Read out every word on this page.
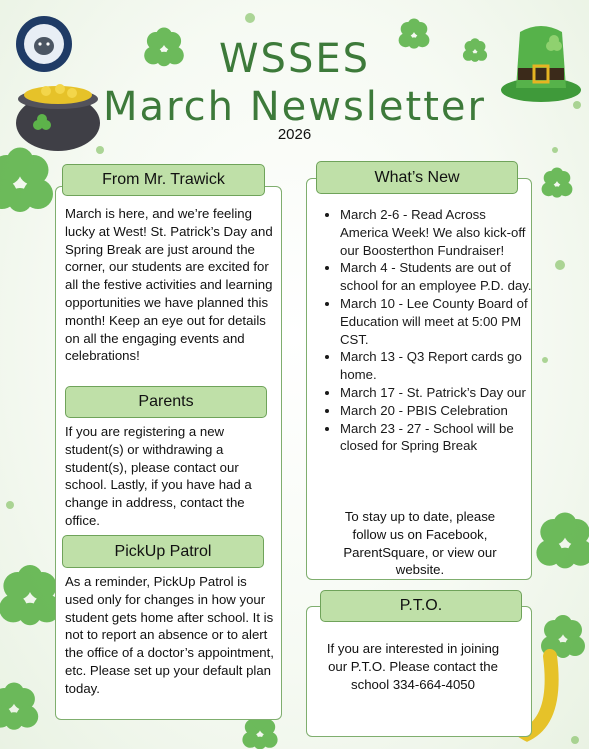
WSSES
March Newsletter
2026
From Mr. Trawick
March is here, and we’re feeling lucky at West! St. Patrick’s Day and Spring Break are just around the corner, our students are excited for all the festive activities and learning opportunities we have planned this month! Keep an eye out for details on all the engaging events and celebrations!
Parents
If you are registering a new student(s) or withdrawing a student(s), please contact our school. Lastly, if you have had a change in address, contact the office.
PickUp Patrol
As a reminder, PickUp Patrol is used only for changes in how your student gets home after school. It is not to report an absence or to alert the office of a doctor’s appointment, etc. Please set up your default plan today.
What’s New
• March 2-6 - Read Across America Week! We also kick-off our Boosterthon Fundraiser!
• March 4 - Students are out of school for an employee P.D. day.
• March 10 - Lee County Board of Education will meet at 5:00 PM CST.
• March 13 - Q3 Report cards go home.
• March 17 - St. Patrick’s Day our
• March 20 - PBIS Celebration
• March 23 - 27 - School will be closed for Spring Break
To stay up to date, please follow us on Facebook, ParentSquare, or view our website.
P.T.O.
If you are interested in joining our P.T.O. Please contact the school 334-664-4050
